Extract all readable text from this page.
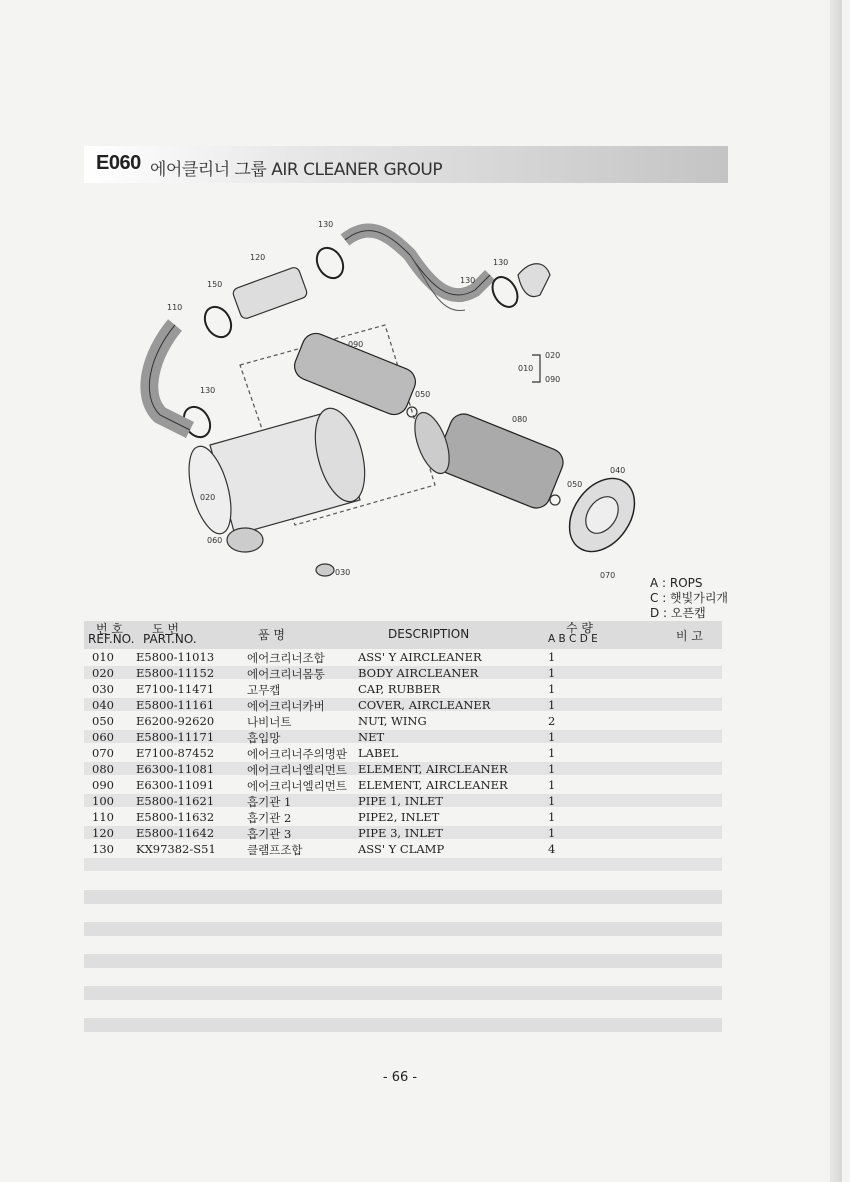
E060 에어클리너 그룹 AIR CLEANER GROUP
130
120
130
130
150
110
090
010
020
090
130	050
080
040
020
050
060
030	070
A : ROPS
C : 햇빛가리개
D : 오픈캡
번 호
REF.NO.
도 번
PART.NO.	품 명	DESCRIPTION	수 량
A B C D E	비 고
010 E5800-11013	에어크리너조합	ASS' Y AIRCLEANER	1
020 E5800-11152	에어크리너몸통	BODY AIRCLEANER	1
030 E7100-11471	고무캡	CAP, RUBBER	1
040 E5800-11161	에어크리너카버	COVER, AIRCLEANER	1
050 E6200-92620	나비너트	NUT, WING	2
060 E5800-11171	흡입망	NET	1
070 E7100-87452	에어크리너주의명판 LABEL	1
080 E6300-11081	에어크리너엘리먼트 ELEMENT, AIRCLEANER	1
090 E6300-11091	에어크리너엘리먼트 ELEMENT, AIRCLEANER	1
100 E5800-11621	흡기관 1	PIPE 1, INLET	1
110 E5800-11632	흡기관 2	PIPE2, INLET	1
120 E5800-11642	흡기관 3	PIPE 3, INLET	1
130 KX97382-S51	클램프조합	ASS' Y CLAMP	4
- 66 -
